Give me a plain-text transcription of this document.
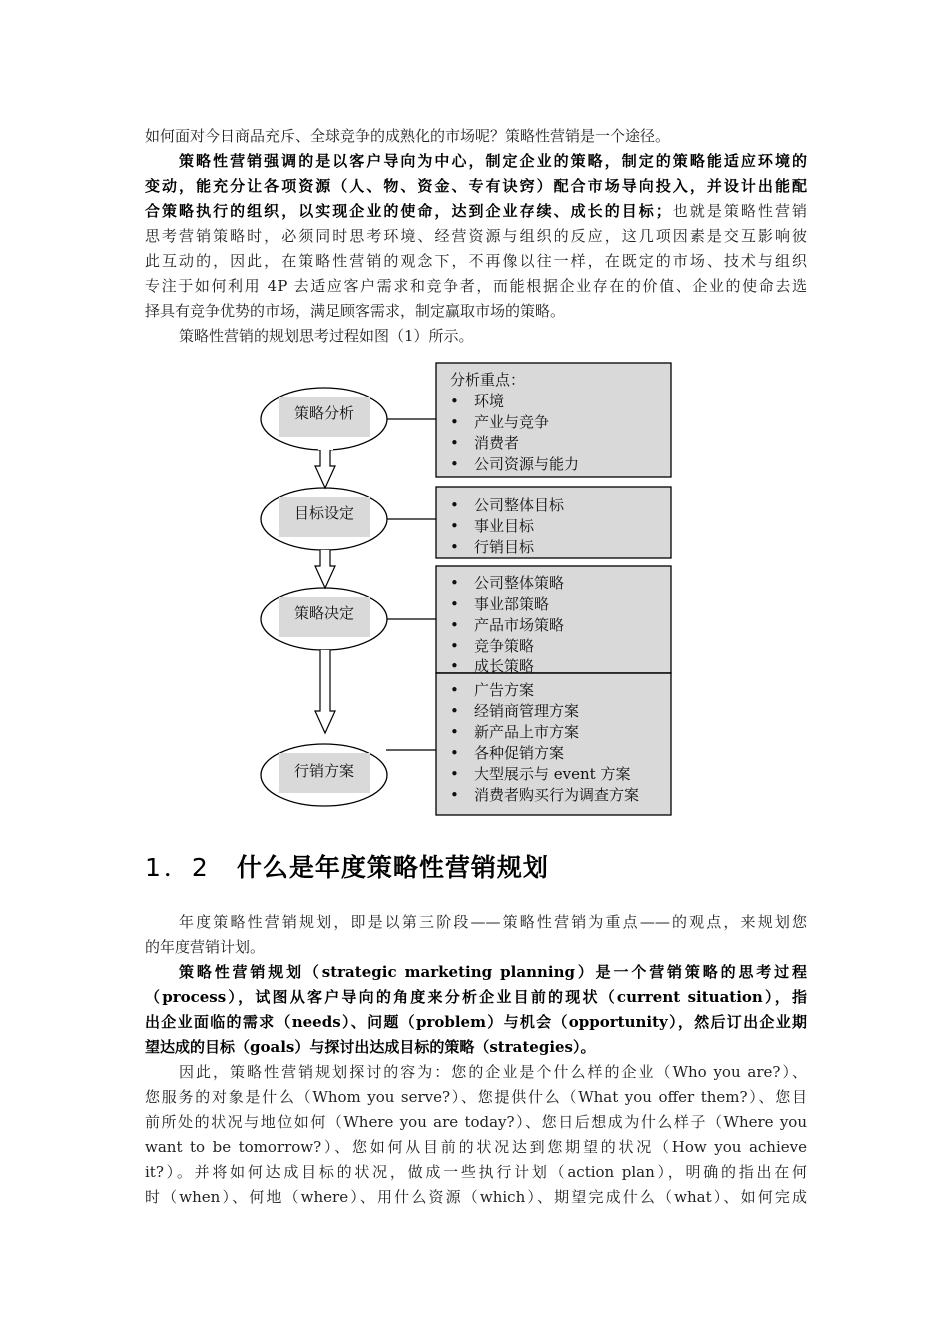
如何面对今日商品充斥、全球竞争的成熟化的市场呢？策略性营销是一个途径。
策略性营销强调的是以客户导向为中心，制定企业的策略，制定的策略能适应环境的
变动，能充分让各项资源（人、物、资金、专有诀窍）配合市场导向投入，并设计出能配
合策略执行的组织，以实现企业的使命，达到企业存续、成长的目标；也就是策略性营销
思考营销策略时，必须同时思考环境、经营资源与组织的反应，这几项因素是交互影响彼
此互动的，因此，在策略性营销的观念下，不再像以往一样，在既定的市场、技术与组织
专注于如何利用 4P 去适应客户需求和竞争者，而能根据企业存在的价值、企业的使命去选
择具有竞争优势的市场，满足顾客需求，制定赢取市场的策略。
策略性营销的规划思考过程如图（1）所示。
分析重点：
• 环境
• 产业与竞争
• 消费者
• 公司资源与能力
• 公司整体目标
• 事业目标
• 行销目标
• 公司整体策略
• 事业部策略
• 产品市场策略
• 竞争策略
• 成长策略
• 广告方案
• 经销商管理方案
• 新产品上市方案
• 各种促销方案
• 大型展示与 event 方案
• 消费者购买行为调查方案
策略分析
目标设定
策略决定
行销方案
1．2 什么是年度策略性营销规划
年度策略性营销规划，即是以第三阶段——策略性营销为重点——的观点，来规划您
的年度营销计划。
策略性营销规划（strategic marketing planning）是一个营销策略的思考过程
（process），试图从客户导向的角度来分析企业目前的现状（current situation），指
出企业面临的需求（needs）、问题（problem）与机会（opportunity），然后订出企业期
望达成的目标（goals）与探讨出达成目标的策略（strategies）。
因此，策略性营销规划探讨的容为：您的企业是个什么样的企业（Who you are?）、
您服务的对象是什么（Whom you serve?）、您提供什么（What you offer them?）、您目
前所处的状况与地位如何（Where you are today?）、您日后想成为什么样子（Where you
want to be tomorrow?）、您如何从目前的状况达到您期望的状况（How you achieve
it?）。并将如何达成目标的状况，做成一些执行计划（action plan），明确的指出在何
时（when）、何地（where）、用什么资源（which）、期望完成什么（what）、如何完成
